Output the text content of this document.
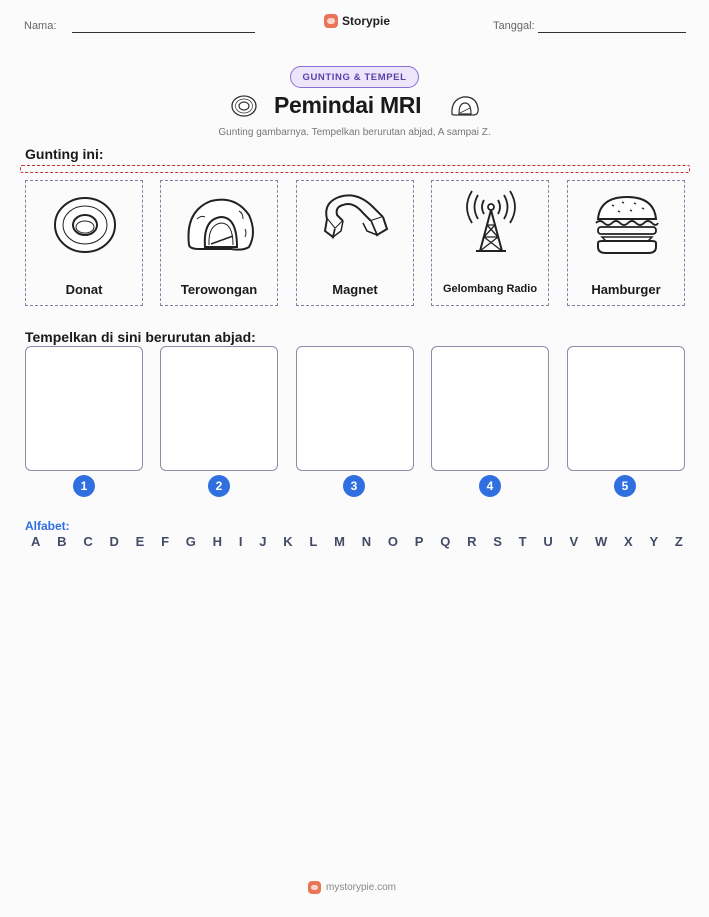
Nama:	Storypie	Tanggal:
GUNTING & TEMPEL
Pemindai MRI
Gunting gambarnya. Tempelkan berurutan abjad, A sampai Z.
Gunting ini:
Donat	Terowongan	Magnet	Gelombang Radio	Hamburger
Tempelkan di sini berurutan abjad:
1	2	3	4	5
Alfabet:
A B C D E F G H I J K L M N O P Q R S T U V W X Y Z
mystorypie.com
